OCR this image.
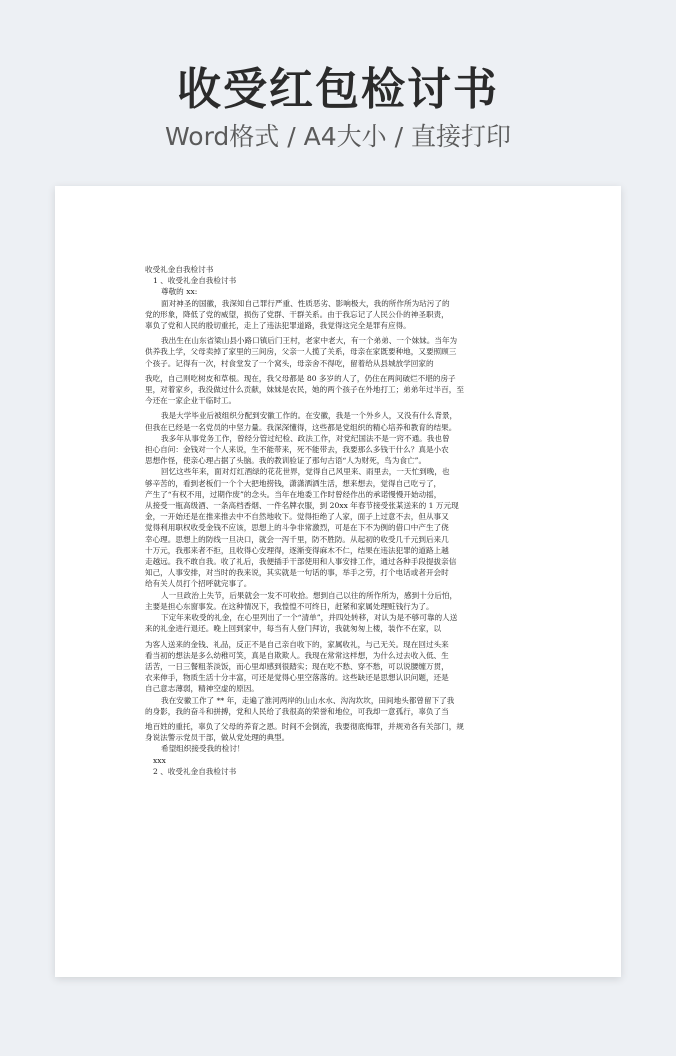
收受红包检讨书
Word格式 / A4大小 / 直接打印

收受礼金自我检讨书

1 、收受礼金自我检讨书

尊敬的 xx:

面对神圣的国徽，我深知自己罪行严重、性质恶劣、影响极大，我的所作所为玷污了的

党的形象，降低了党的威望，损伤了党群、干群关系。由于我忘记了人民公仆的神圣职责，

辜负了党和人民的殷切重托，走上了违法犯罪道路，我觉得这完全是罪有应得。

我出生在山东省梁山县小路口镇后门王村，老家中老大，有一个弟弟、一个妹妹。当年为

供养我上学，父母卖掉了家里的三间房，父亲一人揽了关系，母亲在家既要种地，又要照顾三

个孩子。记得有一次，村食堂发了一个窝头，母亲舍不得吃，留着给从县城放学回家的

我吃，自己则吃树皮和草根。现在，我父母都是 80 多岁的人了，仍住在两间破烂不堪的房子

里，对着家乡，我没做过什么贡献，妹妹是农民，她的两个孩子在外地打工；弟弟年过半百，至

今还在一家企业干临时工。

我是大学毕业后被组织分配到安徽工作的。在安徽，我是一个外乡人，又没有什么背景，

但我在已经是一名党员的中坚力量。我深深懂得，这些都是党组织的精心培养和教育的结果。

我多年从事党务工作，曾经分管过纪检、政法工作，对党纪国法不是一窍不通。我也曾

担心自问：金钱对一个人来说，生不能带来，死不能带去，我要那么多钱干什么？真是小农

思想作怪，使亲心理占据了头脑。我的教训验证了那句古语“人为财死，鸟为食亡”。

回忆这些年来，面对灯红酒绿的花花世界，觉得自己风里来、雨里去，一天忙到晚，也

够辛苦的，看到老板们一个个大把地捞钱，潇潇洒洒生活，想来想去，觉得自己吃亏了，

产生了“有权不用，过期作废”的念头。当年在地委工作时曾经作出的承诺慢慢开始动摇，

从接受一瓶高级酒、一条高档香烟、一件名牌衣服，到 20xx 年春节接受张某送来的 1 万元现

金，一开始还是在推来推去中不自然地收下。觉得拒绝了人家，面子上过意不去，但从事又

觉得利用职权收受金钱不应该，思想上的斗争非常激烈，可是在下不为例的借口中产生了侥

幸心理。思想上的防线一旦决口，就会一泻千里，防不胜防。从起初的收受几千元到后来几

十万元，我那来者不拒，且收得心安理得，逐渐变得麻木不仁，结果在违法犯罪的道路上越

走越远。我不敢自我。收了礼后，我便插手干部使用和人事安排工作，通过各种手段提拔亲信

知己，人事安排，对当时的我来说，其实就是一句话的事，举手之劳，打个电话或者开会时

给有关人员打个招呼就完事了。

人一旦政治上失节，后果就会一发不可收拾。想到自己以往的所作所为，感到十分后怕，

主要是担心东窗事发。在这种情况下，我惶惶不可终日，赶紧和家属处理赃钱行为了。

下定年来收受的礼金，在心里列出了一个“清单”，并四处转移，对认为是不够可靠的人送

来的礼金进行退还。晚上回到家中，每当有人登门拜访，我就匆匆上楼，装作不在家，以

为客人送来的金钱、礼品，反正不是自己亲自收下的，家属收礼，与己无关。现在回过头来

看当初的想法是多么幼稚可笑，真是自欺欺人。我现在常常这样想，为什么过去收入低、生

活苦，一日三餐粗茶淡饭，而心里却感到很踏实；现在吃不愁、穿不愁，可以说腰缠万贯，

衣来伸手，物质生活十分丰富，可还是觉得心里空落落的。这些缺还是思想认识问题，还是

自己意志薄弱，精神空虚的原因。

我在安徽工作了 ** 年，走遍了淮河两岸的山山水水、沟沟坎坎，田间地头都曾留下了我

的身影，我的奋斗和拼搏，党和人民给了我很高的荣誉和地位，可我却一意孤行，辜负了当

地百姓的重托，辜负了父母的养育之恩。时间不会倒流，我要彻底悔罪，并规劝各有关部门，规

身说法警示党员干部，做从党处理的典型。

希望组织接受我的检讨！

xxx

2 、收受礼金自我检讨书
